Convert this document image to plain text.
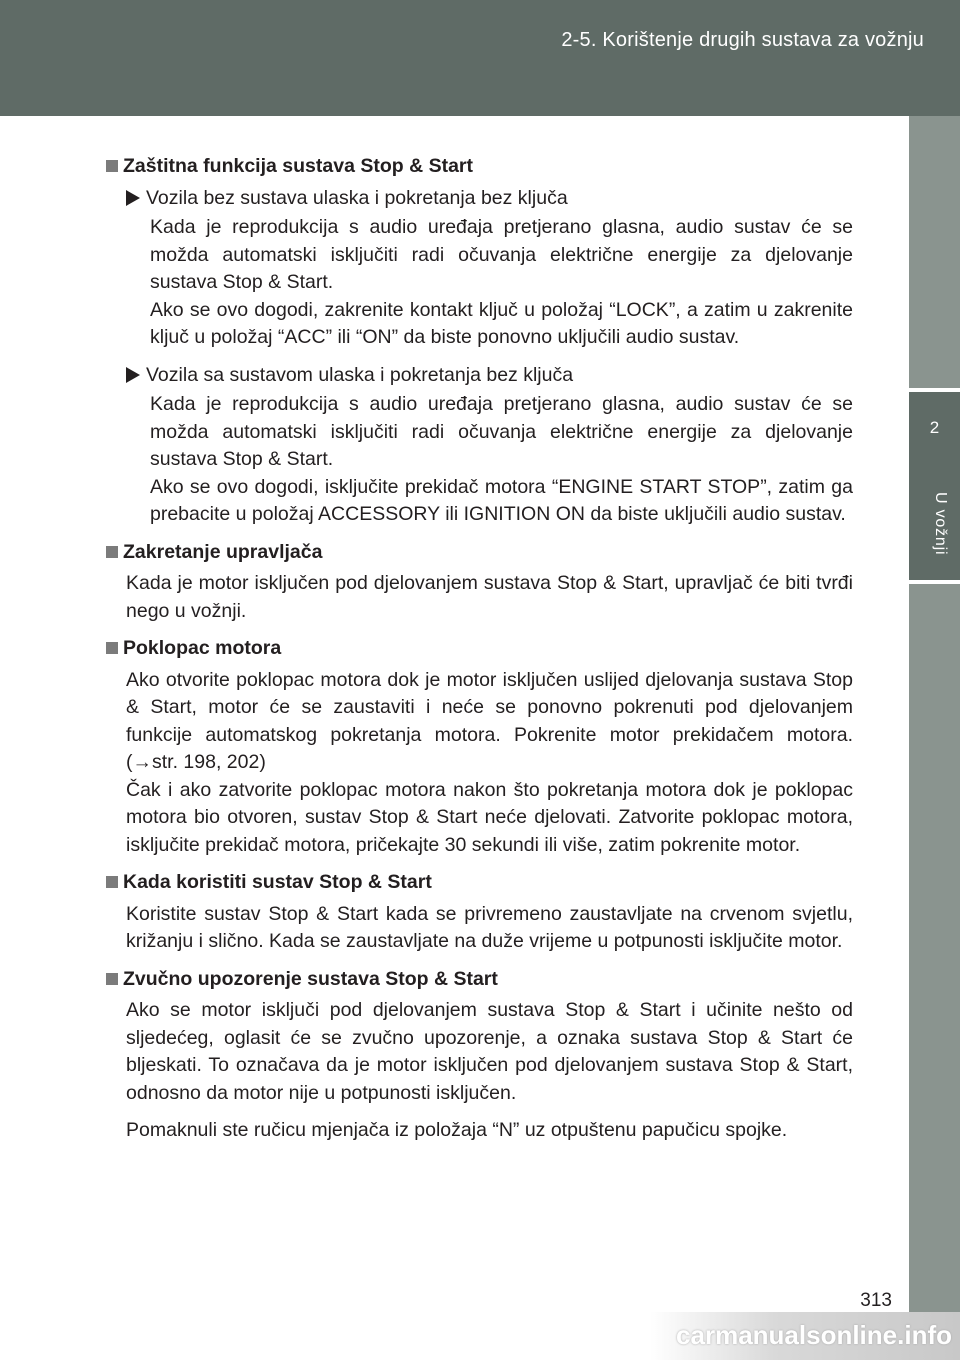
2-5. Korištenje drugih sustava za vožnju
2
U vožnji
Zaštitna funkcija sustava Stop & Start
Vozila bez sustava ulaska i pokretanja bez ključa

Kada je reprodukcija s audio uređaja pretjerano glasna, audio sustav će se možda automatski isključiti radi očuvanja električne energije za djelovanje sustava Stop & Start.

Ako se ovo dogodi, zakrenite kontakt ključ u položaj “LOCK”, a zatim u zakrenite ključ u položaj “ACC” ili “ON” da biste ponovno uključili audio sustav.

Vozila sa sustavom ulaska i pokretanja bez ključa

Kada je reprodukcija s audio uređaja pretjerano glasna, audio sustav će se možda automatski isključiti radi očuvanja električne energije za djelovanje sustava Stop & Start.

Ako se ovo dogodi, isključite prekidač motora “ENGINE START STOP”, zatim ga prebacite u položaj ACCESSORY ili IGNITION ON da biste uključili audio sustav.

Zakretanje upravljača

Kada je motor isključen pod djelovanjem sustava Stop & Start, upravljač će biti tvrđi nego u vožnji.

Poklopac motora

Ako otvorite poklopac motora dok je motor isključen uslijed djelovanja sustava Stop & Start, motor će se zaustaviti i neće se ponovno pokrenuti pod djelovanjem funkcije automatskog pokretanja motora. Pokrenite motor prekidačem motora. (→str. 198, 202)

Čak i ako zatvorite poklopac motora nakon što pokretanja motora dok je poklopac motora bio otvoren, sustav Stop & Start neće djelovati. Zatvorite poklopac motora, isključite prekidač motora, pričekajte 30 sekundi ili više, zatim pokrenite motor.

Kada koristiti sustav Stop & Start

Koristite sustav Stop & Start kada se privremeno zaustavljate na crvenom svjetlu, križanju i slično. Kada se zaustavljate na duže vrijeme u potpunosti isključite motor.

Zvučno upozorenje sustava Stop & Start

Ako se motor isključi pod djelovanjem sustava Stop & Start i učinite nešto od sljedećeg, oglasit će se zvučno upozorenje, a oznaka sustava Stop & Start će bljeskati. To označava da je motor isključen pod djelovanjem sustava Stop & Start, odnosno da motor nije u potpunosti isključen.

Pomaknuli ste ručicu mjenjača iz položaja “N” uz otpuštenu papučicu spojke.

313
carmanualsonline.info
